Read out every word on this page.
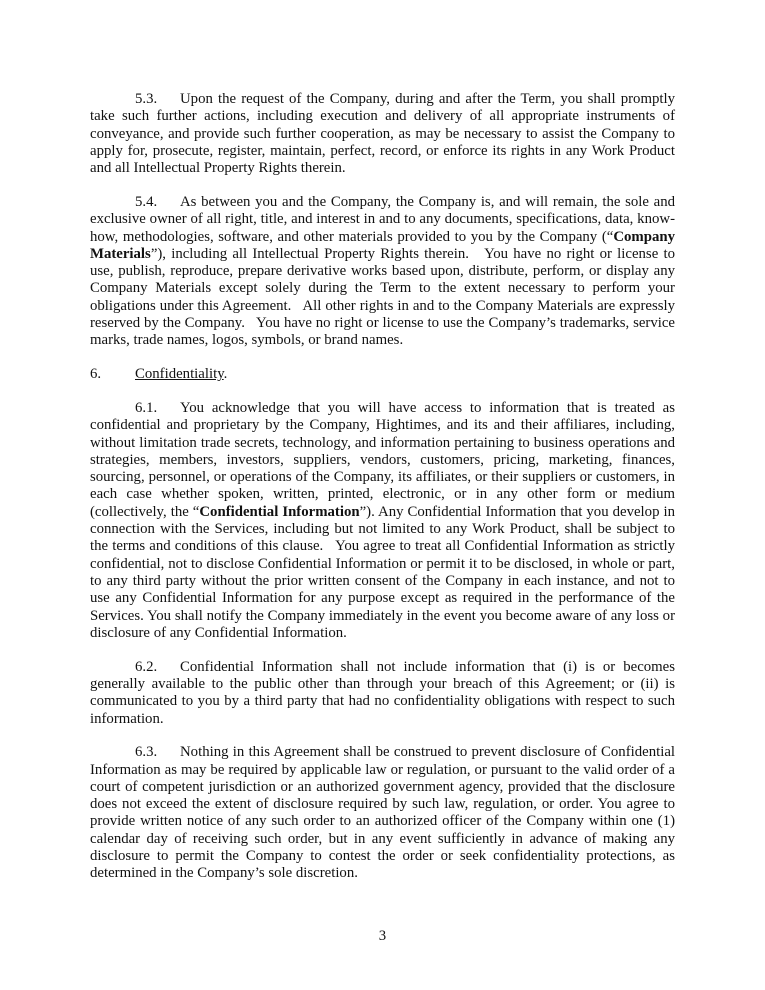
5.3. Upon the request of the Company, during and after the Term, you shall promptly take such further actions, including execution and delivery of all appropriate instruments of conveyance, and provide such further cooperation, as may be necessary to assist the Company to apply for, prosecute, register, maintain, perfect, record, or enforce its rights in any Work Product and all Intellectual Property Rights therein.

5.4. As between you and the Company, the Company is, and will remain, the sole and exclusive owner of all right, title, and interest in and to any documents, specifications, data, know-how, methodologies, software, and other materials provided to you by the Company (“Company Materials”), including all Intellectual Property Rights therein.   You have no right or license to use, publish, reproduce, prepare derivative works based upon, distribute, perform, or display any Company Materials except solely during the Term to the extent necessary to perform your obligations under this Agreement.   All other rights in and to the Company Materials are expressly reserved by the Company.   You have no right or license to use the Company’s trademarks, service marks, trade names, logos, symbols, or brand names.

6. Confidentiality.

6.1. You acknowledge that you will have access to information that is treated as confidential and proprietary by the Company, Hightimes, and its and their affiliares, including, without limitation trade secrets, technology, and information pertaining to business operations and strategies, members, investors, suppliers, vendors, customers, pricing, marketing, finances, sourcing, personnel, or operations of the Company, its affiliates, or their suppliers or customers, in each case whether spoken, written, printed, electronic, or in any other form or medium (collectively, the “Confidential Information”). Any Confidential Information that you develop in connection with the Services, including but not limited to any Work Product, shall be subject to the terms and conditions of this clause.   You agree to treat all Confidential Information as strictly confidential, not to disclose Confidential Information or permit it to be disclosed, in whole or part, to any third party without the prior written consent of the Company in each instance, and not to use any Confidential Information for any purpose except as required in the performance of the Services. You shall notify the Company immediately in the event you become aware of any loss or disclosure of any Confidential Information.

6.2. Confidential Information shall not include information that (i) is or becomes generally available to the public other than through your breach of this Agreement; or (ii) is communicated to you by a third party that had no confidentiality obligations with respect to such information.

6.3. Nothing in this Agreement shall be construed to prevent disclosure of Confidential Information as may be required by applicable law or regulation, or pursuant to the valid order of a court of competent jurisdiction or an authorized government agency, provided that the disclosure does not exceed the extent of disclosure required by such law, regulation, or order. You agree to provide written notice of any such order to an authorized officer of the Company within one (1) calendar day of receiving such order, but in any event sufficiently in advance of making any disclosure to permit the Company to contest the order or seek confidentiality protections, as determined in the Company’s sole discretion.

3
